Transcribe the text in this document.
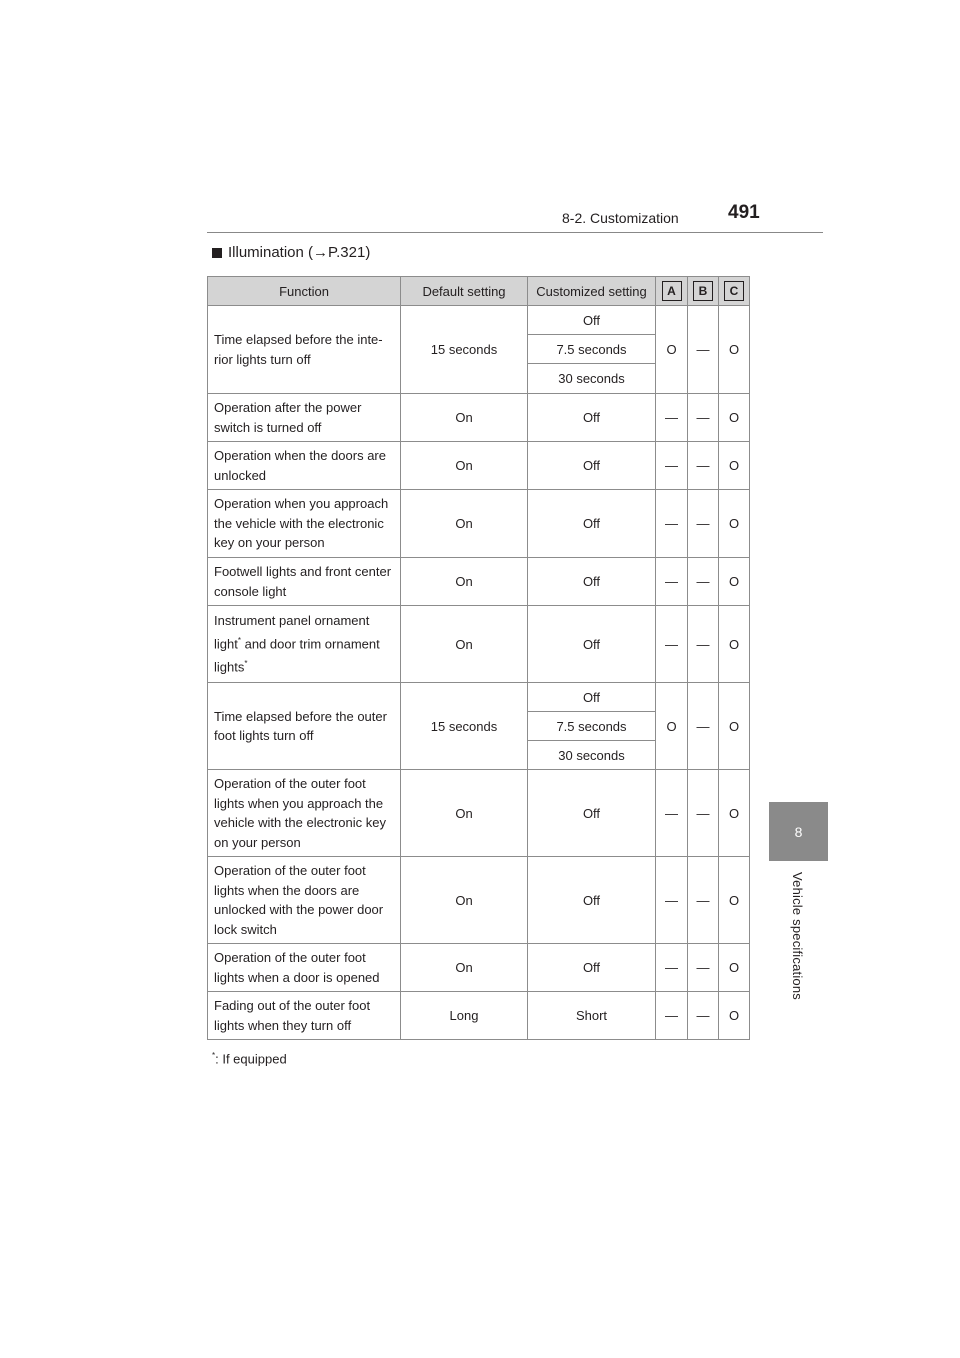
8-2. Customization	491
8
Vehicle specifications
Illumination (→P.321)
Function	Default setting	Customized setting	A	B	C
Time elapsed before the inte-rior lights turn off	15 seconds	Off	O	—	O
		7.5 seconds			
		30 seconds			
Operation after the power switch is turned off	On	Off	—	—	O
Operation when the doors are unlocked	On	Off	—	—	O
Operation when you approach the vehicle with the electronic key on your person	On	Off	—	—	O
Footwell lights and front center console light	On	Off	—	—	O
Instrument panel ornament light* and door trim ornament lights*	On	Off	—	—	O
Time elapsed before the outer foot lights turn off	15 seconds	Off	O	—	O
		7.5 seconds			
		30 seconds			
Operation of the outer foot lights when you approach the vehicle with the electronic key on your person	On	Off	—	—	O
Operation of the outer foot lights when the doors are unlocked with the power door lock switch	On	Off	—	—	O
Operation of the outer foot lights when a door is opened	On	Off	—	—	O
Fading out of the outer foot lights when they turn off	Long	Short	—	—	O
*: If equipped
